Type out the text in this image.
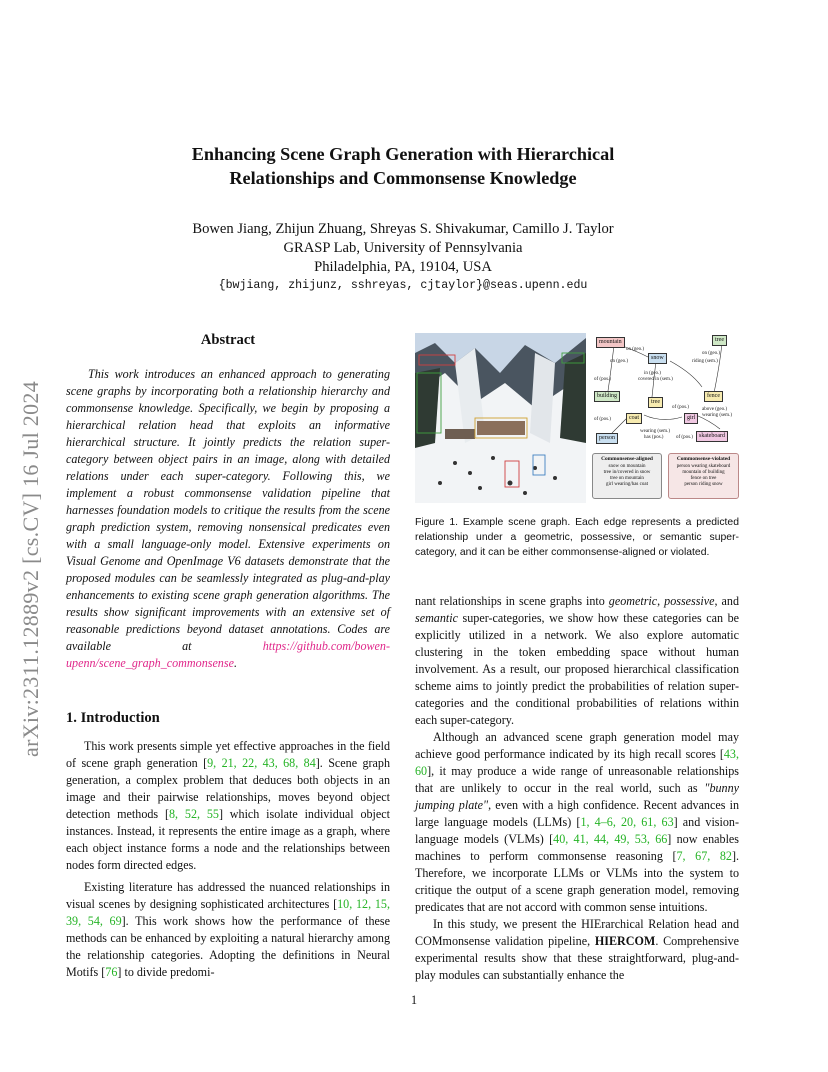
arXiv:2311.12889v2 [cs.CV] 16 Jul 2024
Enhancing Scene Graph Generation with Hierarchical
Relationships and Commonsense Knowledge
Bowen Jiang, Zhijun Zhuang, Shreyas S. Shivakumar, Camillo J. Taylor
GRASP Lab, University of Pennsylvania
Philadelphia, PA, 19104, USA
{bwjiang, zhijunz, sshreyas, cjtaylor}@seas.upenn.edu
Abstract
This work introduces an enhanced approach to generating scene graphs by incorporating both a relationship hierarchy and commonsense knowledge. Specifically, we begin by proposing a hierarchical relation head that exploits an informative hierarchical structure. It jointly predicts the relation super-category between object pairs in an image, along with detailed relations under each super-category. Following this, we implement a robust commonsense validation pipeline that harnesses foundation models to critique the results from the scene graph prediction system, removing nonsensical predicates even with a small language-only model. Extensive experiments on Visual Genome and OpenImage V6 datasets demonstrate that the proposed modules can be seamlessly integrated as plug-and-play enhancements to existing scene graph generation algorithms. The results show significant improvements with an extensive set of reasonable predictions beyond dataset annotations. Codes are available at https://github.com/bowen-upenn/scene_graph_commonsense.
1. Introduction

This work presents simple yet effective approaches in the field of scene graph generation [9, 21, 22, 43, 68, 84]. Scene graph generation, a complex problem that deduces both objects in an image and their pairwise relationships, moves beyond object detection methods [8, 52, 55] which isolate individual object instances. Instead, it represents the entire image as a graph, where each object instance forms a node and the relationships between nodes form directed edges.

Existing literature has addressed the nuanced relationships in visual scenes by designing sophisticated architectures [10, 12, 15, 39, 54, 69]. This work shows how the performance of these methods can be enhanced by exploiting a natural hierarchy among the relationship categories. Adopting the definitions in Neural Motifs [76] to divide predomi-

mountain
snow
tree
building
tree
fence
coat	girl
person	skateboard
on (geo.)
on (geo.)	riding (sem.)
on (geo.)
of (pos.)
in (geo.)
covered in (sem.)
of (pos.)
above (geo.)
wearing (sem.)
of (pos.)
wearing (sem.)
has (pos.)	of (pos.)
Commonsense-aligned
snow on mountain
tree in/covered in snow
tree on mountain
girl wearing/has coat
Commonsense-violated
person wearing skateboard
mountain of building
fence on tree
person riding snow
Figure 1. Example scene graph. Each edge represents a predicted relationship under a geometric, possessive, or semantic super-category, and it can be either commonsense-aligned or violated.

nant relationships in scene graphs into geometric, possessive, and semantic super-categories, we show how these categories can be explicitly utilized in a network. We also explore automatic clustering in the token embedding space without human involvement. As a result, our proposed hierarchical classification scheme aims to jointly predict the probabilities of relation super-categories and the conditional probabilities of relations within each super-category.

Although an advanced scene graph generation model may achieve good performance indicated by its high recall scores [43, 60], it may produce a wide range of unreasonable relationships that are unlikely to occur in the real world, such as "bunny jumping plate", even with a high confidence. Recent advances in large language models (LLMs) [1, 4–6, 20, 61, 63] and vision-language models (VLMs) [40, 41, 44, 49, 53, 66] now enables machines to perform commonsense reasoning [7, 67, 82]. Therefore, we incorporate LLMs or VLMs into the system to critique the output of a scene graph generation model, removing predicates that are not accord with common sense intuitions.

In this study, we present the HIErarchical Relation head and COMmonsense validation pipeline, HIERCOM. Comprehensive experimental results show that these straightforward, plug-and-play modules can substantially enhance the

1
